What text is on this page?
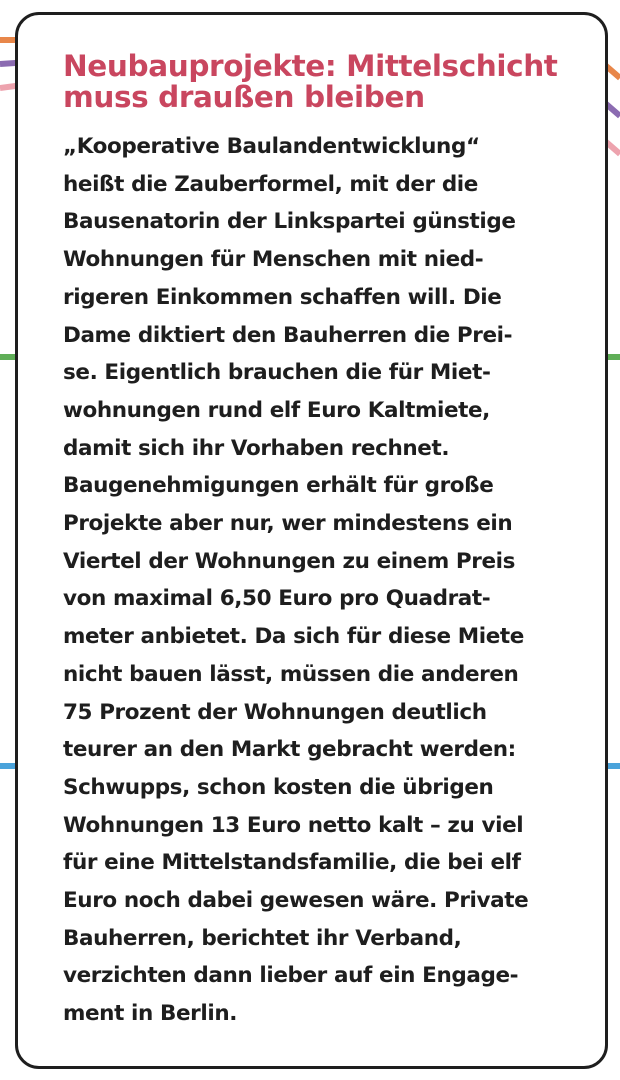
Neubauprojekte: Mittelschicht
muss draußen bleiben

„Kooperative Baulandentwicklung“
heißt die Zauberformel, mit der die
Bausenatorin der Linkspartei günstige
Wohnungen für Menschen mit nied-
rigeren Einkommen schaffen will. Die
Dame diktiert den Bauherren die Prei-
se. Eigentlich brauchen die für Miet-
wohnungen rund elf Euro Kaltmiete,
damit sich ihr Vorhaben rechnet.
Baugenehmigungen erhält für große
Projekte aber nur, wer mindestens ein
Viertel der Wohnungen zu einem Preis
von maximal 6,50 Euro pro Quadrat-
meter anbietet. Da sich für diese Miete
nicht bauen lässt, müssen die anderen
75 Prozent der Wohnungen deutlich
teurer an den Markt gebracht werden:
Schwupps, schon kosten die übrigen
Wohnungen 13 Euro netto kalt – zu viel
für eine Mittelstandsfamilie, die bei elf
Euro noch dabei gewesen wäre. Private
Bauherren, berichtet ihr Verband,
verzichten dann lieber auf ein Engage-
ment in Berlin.
